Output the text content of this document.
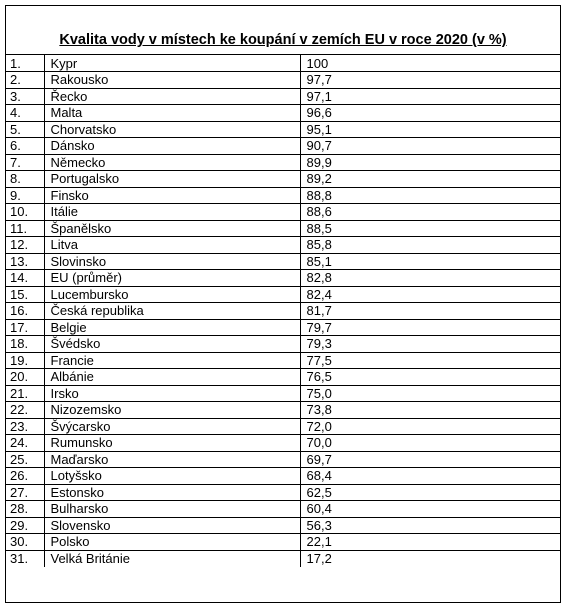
Kvalita vody v místech ke koupání v zemích EU v roce 2020 (v %)
1.	Kypr	100
2.	Rakousko	97,7
3.	Řecko	97,1
4.	Malta	96,6
5.	Chorvatsko	95,1
6.	Dánsko	90,7
7.	Německo	89,9
8.	Portugalsko	89,2
9.	Finsko	88,8
10.	Itálie	88,6
11.	Španělsko	88,5
12.	Litva	85,8
13.	Slovinsko	85,1
14.	EU (průměr)	82,8
15.	Lucembursko	82,4
16.	Česká republika	81,7
17.	Belgie	79,7
18.	Švédsko	79,3
19.	Francie	77,5
20.	Albánie	76,5
21.	Irsko	75,0
22.	Nizozemsko	73,8
23.	Švýcarsko	72,0
24.	Rumunsko	70,0
25.	Maďarsko	69,7
26.	Lotyšsko	68,4
27.	Estonsko	62,5
28.	Bulharsko	60,4
29.	Slovensko	56,3
30.	Polsko	22,1
31.	Velká Británie	17,2
